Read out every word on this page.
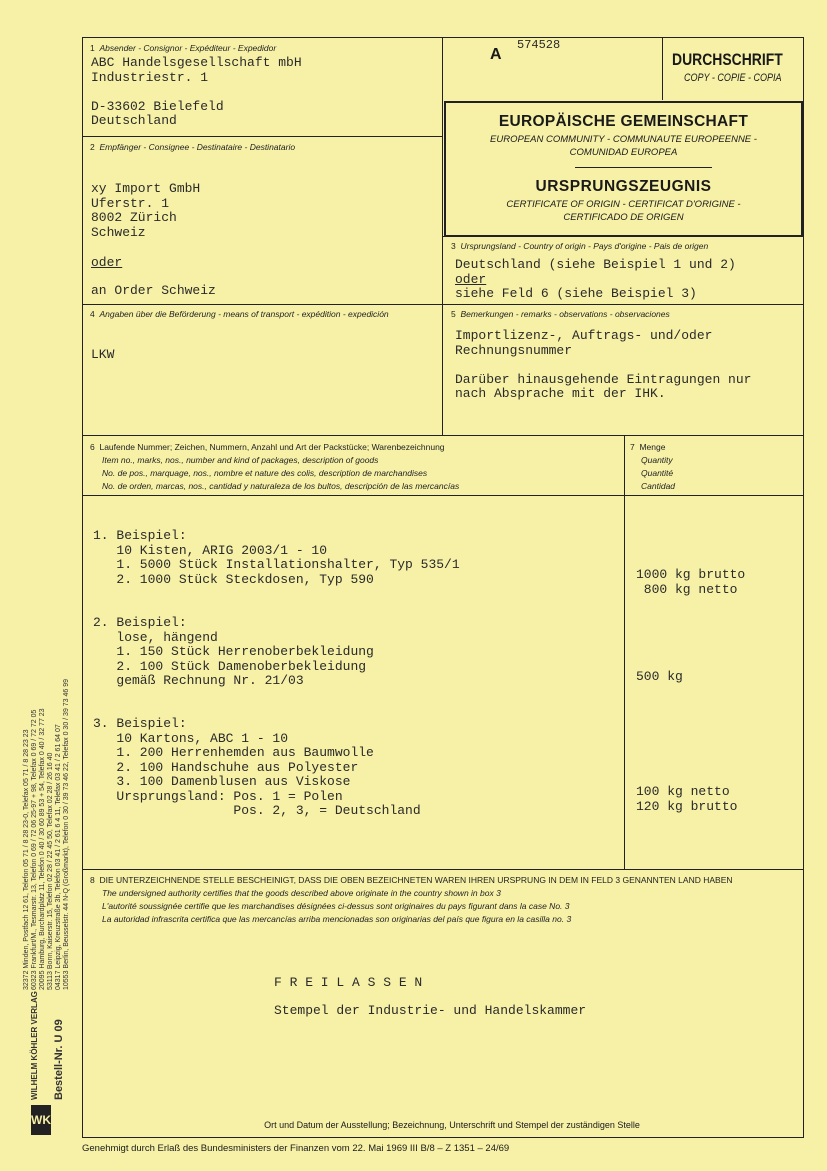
1 Absender - Consignor - Expéditeur - Expedidor
ABC Handelsgesellschaft mbH
Industriestr. 1

D-33602 Bielefeld
Deutschland
A
574528
DURCHSCHRIFT
COPY - COPIE - COPIA
EUROPÄISCHE GEMEINSCHAFT
EUROPEAN COMMUNITY - COMMUNAUTE EUROPEENNE -
COMUNIDAD EUROPEA
URSPRUNGSZEUGNIS
CERTIFICATE OF ORIGIN - CERTIFICAT D'ORIGINE -
CERTIFICADO DE ORIGEN
2 Empfänger - Consignee - Destinataire - Destinatario
xy Import GmbH
Uferstr. 1
8002 Zürich
Schweiz
oder
an Order Schweiz
3 Ursprungsland - Country of origin - Pays d'origine - Pais de origen
Deutschland (siehe Beispiel 1 und 2)
oder
siehe Feld 6 (siehe Beispiel 3)
4 Angaben über die Beförderung - means of transport - expédition - expedición
LKW
5 Bemerkungen - remarks - observations - observaciones
Importlizenz-, Auftrags- und/oder
Rechnungsnummer

Darüber hinausgehende Eintragungen nur
nach Absprache mit der IHK.
6 Laufende Nummer; Zeichen, Nummern, Anzahl und Art der Packstücke; Warenbezeichnung
Item no., marks, nos., number and kind of packages, description of goods
No. de pos., marquage, nos., nombre et nature des colis, description de marchandises
No. de orden, marcas, nos., cantidad y naturaleza de los bultos, descripción de las mercancías
7 Menge
Quantity
Quantité
Cantidad
1. Beispiel:
10 Kisten, ARIG 2003/1 - 10
1. 5000 Stück Installationshalter, Typ 535/1
2. 1000 Stück Steckdosen, Typ 590
2. Beispiel:
lose, hängend
1. 150 Stück Herrenoberbekleidung
2. 100 Stück Damenoberbekleidung
gemäß Rechnung Nr. 21/03
3. Beispiel:
10 Kartons, ABC 1 - 10
1. 200 Herrenhemden aus Baumwolle
2. 100 Handschuhe aus Polyester
3. 100 Damenblusen aus Viskose
Ursprungsland: Pos. 1 = Polen
Pos. 2, 3, = Deutschland
1000 kg brutto
800 kg netto
500 kg
100 kg netto
120 kg brutto
8 DIE UNTERZEICHNENDE STELLE BESCHEINIGT, DASS DIE OBEN BEZEICHNETEN WAREN IHREN URSPRUNG IN DEM IN FELD 3 GENANNTEN LAND HABEN
The undersigned authority certifies that the goods described above originate in the country shown in box 3
L'autorité soussignée certifie que les marchandises désignées ci-dessus sont originaires du pays figurant dans la case No. 3
La autoridad infrascrita certifica que las mercancías arriba mencionadas son originarias del país que figura en la casilla no. 3
F R E I L A S S E N
Stempel der Industrie- und Handelskammer
Ort und Datum der Ausstellung; Bezeichnung, Unterschrift und Stempel der zuständigen Stelle
Genehmigt durch Erlaß des Bundesministers der Finanzen vom 22. Mai 1969 III B/8 – Z 1351 – 24/69
WK
WILHELM KÖHLER VERLAG Bestell-Nr. U 09
32372 Minden, Postfach 12 61, Telefon 05 71 / 8 28 23-0, Telefax 05 71 / 8 28 23 23 60323 Frankfurt/M., Tesmarstr. 13, Telefon 0 69 / 72 06 25-97 + 98, Telefax 0 69 / 72 72 05 20095 Hamburg, Burchardplatz 11, Telefon 0 40 / 30 60 89 53 + 54, Telefax 0 40 / 32 77 23 53113 Bonn, Kaiserstr. 15, Telefon 02 28 / 22 45 50, Telefax 02 28 / 26 16 40 04317 Leipzig, Kreuzstraße 3b, Telefon 03 41 / 2 61 6 4 11, Telefax 03 41 / 2 61 64 07 10553 Berlin, Beusselstr. 44 N-Q (Großmarkt), Telefon 0 30 / 39 73 46 22, Telefax 0 30 / 39 73 46 99
